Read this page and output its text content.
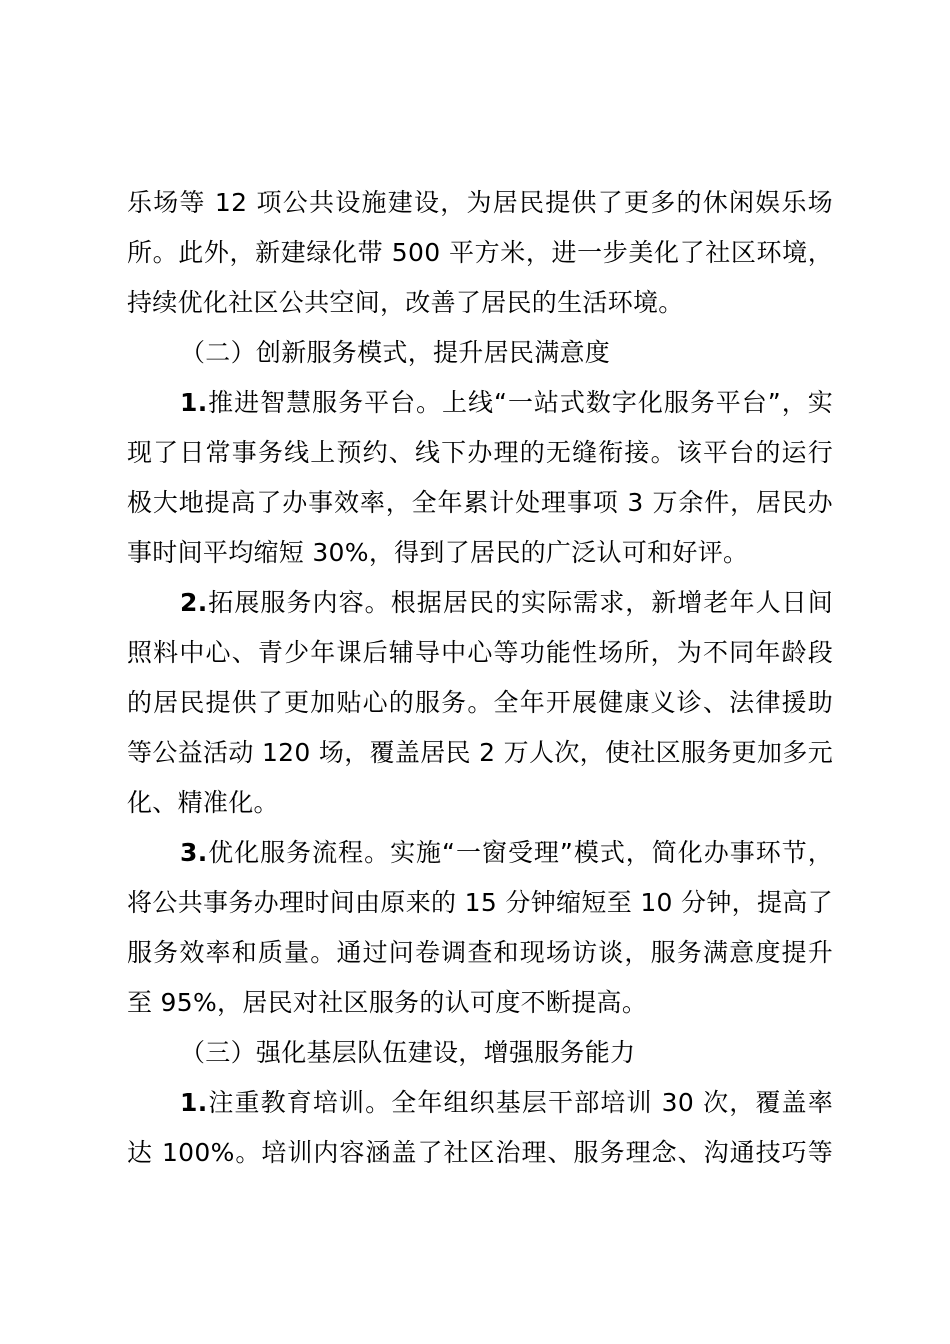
乐场等 12 项公共设施建设，为居民提供了更多的休闲娱乐场
所。此外，新建绿化带 500 平方米，进一步美化了社区环境，
持续优化社区公共空间，改善了居民的生活环境。
（二）创新服务模式，提升居民满意度
1.推进智慧服务平台。上线“一站式数字化服务平台”，实
现了日常事务线上预约、线下办理的无缝衔接。该平台的运行
极大地提高了办事效率，全年累计处理事项 3 万余件，居民办
事时间平均缩短 30%，得到了居民的广泛认可和好评。
2.拓展服务内容。根据居民的实际需求，新增老年人日间
照料中心、青少年课后辅导中心等功能性场所，为不同年龄段
的居民提供了更加贴心的服务。全年开展健康义诊、法律援助
等公益活动 120 场，覆盖居民 2 万人次，使社区服务更加多元
化、精准化。
3.优化服务流程。实施“一窗受理”模式，简化办事环节，
将公共事务办理时间由原来的 15 分钟缩短至 10 分钟，提高了
服务效率和质量。通过问卷调查和现场访谈，服务满意度提升
至 95%，居民对社区服务的认可度不断提高。
（三）强化基层队伍建设，增强服务能力
1.注重教育培训。全年组织基层干部培训 30 次，覆盖率
达 100%。培训内容涵盖了社区治理、服务理念、沟通技巧等
